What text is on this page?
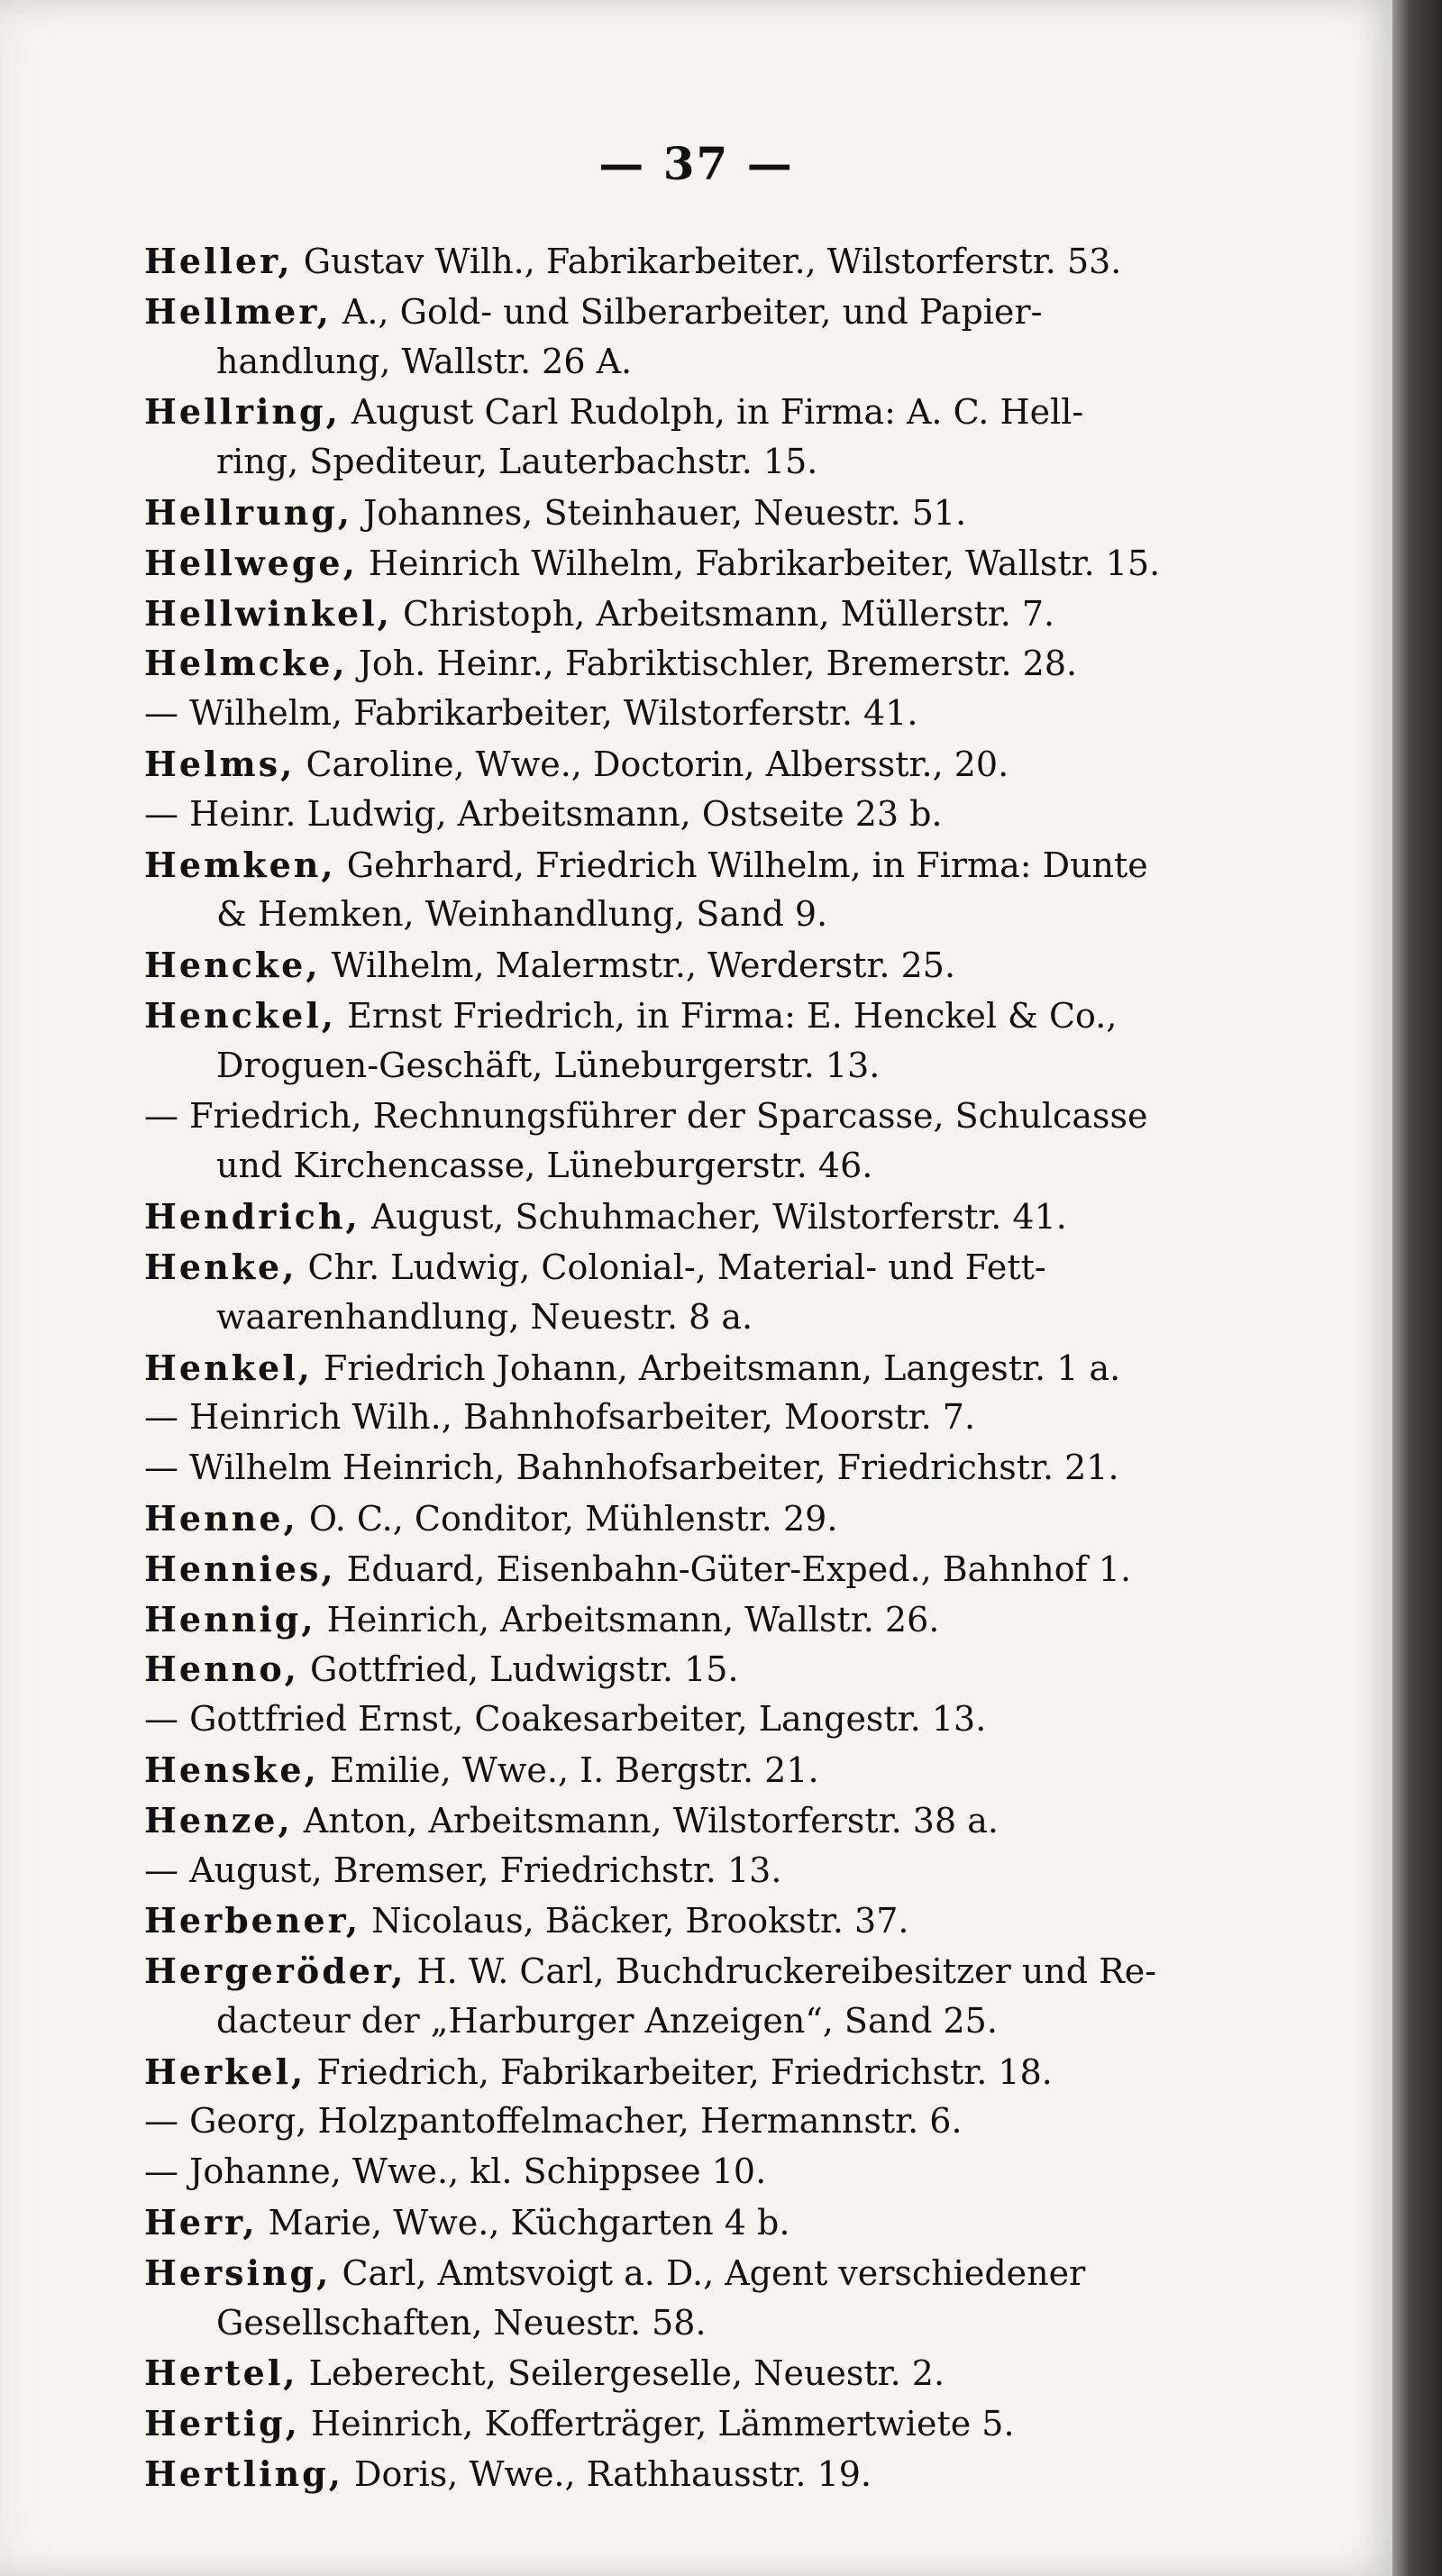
— 37 —
Heller, Gustav Wilh., Fabrikarbeiter., Wilstorferstr. 53.
Hellmer, A., Gold- und Silberarbeiter, und Papier-
handlung, Wallstr. 26 A.
Hellring, August Carl Rudolph, in Firma: A. C. Hell-
ring, Spediteur, Lauterbachstr. 15.
Hellrung, Johannes, Steinhauer, Neuestr. 51.
Hellwege, Heinrich Wilhelm, Fabrikarbeiter, Wallstr. 15.
Hellwinkel, Christoph, Arbeitsmann, Müllerstr. 7.
Helmcke, Joh. Heinr., Fabriktischler, Bremerstr. 28.
— Wilhelm, Fabrikarbeiter, Wilstorferstr. 41.
Helms, Caroline, Wwe., Doctorin, Albersstr., 20.
— Heinr. Ludwig, Arbeitsmann, Ostseite 23 b.
Hemken, Gehrhard, Friedrich Wilhelm, in Firma: Dunte
& Hemken, Weinhandlung, Sand 9.
Hencke, Wilhelm, Malermstr., Werderstr. 25.
Henckel, Ernst Friedrich, in Firma: E. Henckel & Co.,
Droguen-Geschäft, Lüneburgerstr. 13.
— Friedrich, Rechnungsführer der Sparcasse, Schulcasse
und Kirchencasse, Lüneburgerstr. 46.
Hendrich, August, Schuhmacher, Wilstorferstr. 41.
Henke, Chr. Ludwig, Colonial-, Material- und Fett-
waarenhandlung, Neuestr. 8 a.
Henkel, Friedrich Johann, Arbeitsmann, Langestr. 1 a.
— Heinrich Wilh., Bahnhofsarbeiter, Moorstr. 7.
— Wilhelm Heinrich, Bahnhofsarbeiter, Friedrichstr. 21.
Henne, O. C., Conditor, Mühlenstr. 29.
Hennies, Eduard, Eisenbahn-Güter-Exped., Bahnhof 1.
Hennig, Heinrich, Arbeitsmann, Wallstr. 26.
Henno, Gottfried, Ludwigstr. 15.
— Gottfried Ernst, Coakesarbeiter, Langestr. 13.
Henske, Emilie, Wwe., I. Bergstr. 21.
Henze, Anton, Arbeitsmann, Wilstorferstr. 38 a.
— August, Bremser, Friedrichstr. 13.
Herbener, Nicolaus, Bäcker, Brookstr. 37.
Hergeröder, H. W. Carl, Buchdruckereibesitzer und Re-
dacteur der „Harburger Anzeigen“, Sand 25.
Herkel, Friedrich, Fabrikarbeiter, Friedrichstr. 18.
— Georg, Holzpantoffelmacher, Hermannstr. 6.
— Johanne, Wwe., kl. Schippsee 10.
Herr, Marie, Wwe., Küchgarten 4 b.
Hersing, Carl, Amtsvoigt a. D., Agent verschiedener
Gesellschaften, Neuestr. 58.
Hertel, Leberecht, Seilergeselle, Neuestr. 2.
Hertig, Heinrich, Kofferträger, Lämmertwiete 5.
Hertling, Doris, Wwe., Rathhausstr. 19.
